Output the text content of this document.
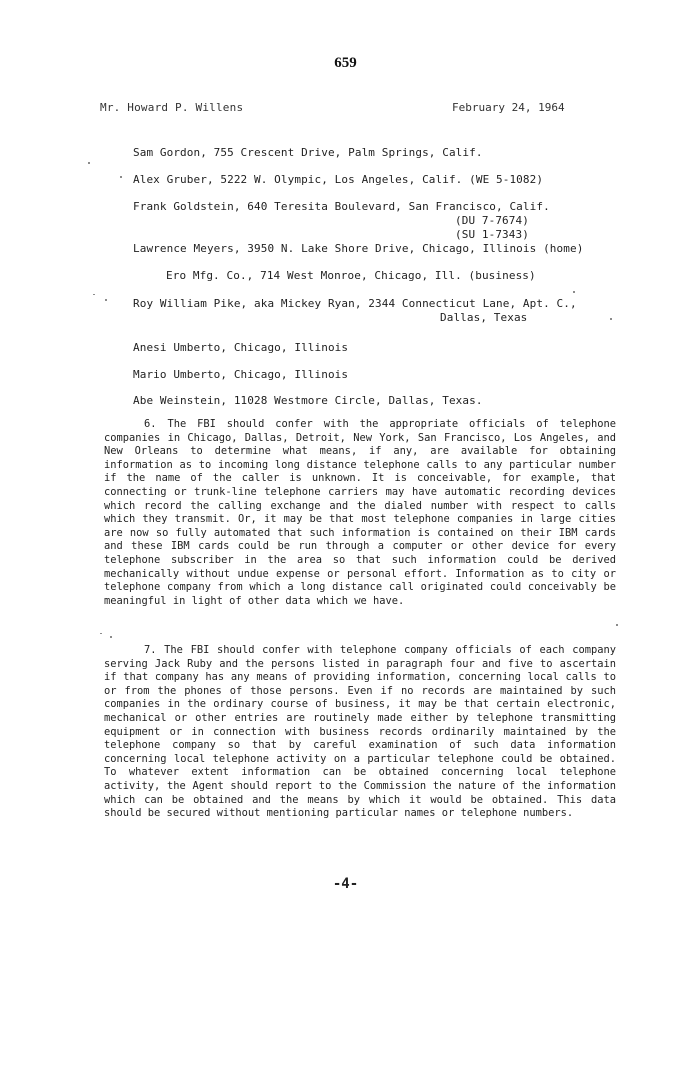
659
Mr. Howard P. Willens	February 24, 1964
Sam Gordon, 755 Crescent Drive, Palm Springs, Calif.
Alex Gruber, 5222 W. Olympic, Los Angeles, Calif. (WE 5-1082)
Frank Goldstein, 640 Teresita Boulevard, San Francisco, Calif.
(DU 7-7674)
(SU 1-7343)
Lawrence Meyers, 3950 N. Lake Shore Drive, Chicago, Illinois (home)
Ero Mfg. Co., 714 West Monroe, Chicago, Ill. (business)
Roy William Pike, aka Mickey Ryan, 2344 Connecticut Lane, Apt. C.,
Dallas, Texas
Anesi Umberto, Chicago, Illinois
Mario Umberto, Chicago, Illinois
Abe Weinstein, 11028 Westmore Circle, Dallas, Texas.
6. The FBI should confer with the appropriate officials of telephone companies in Chicago, Dallas, Detroit, New York, San Francisco, Los Angeles, and New Orleans to determine what means, if any, are available for obtaining information as to incoming long distance telephone calls to any particular number if the name of the caller is unknown. It is conceivable, for example, that connecting or trunk-line telephone carriers may have automatic recording devices which record the calling exchange and the dialed number with respect to calls which they transmit. Or, it may be that most telephone companies in large cities are now so fully automated that such information is contained on their IBM cards and these IBM cards could be run through a computer or other device for every telephone subscriber in the area so that such information could be derived mechanically without undue expense or personal effort. Information as to city or telephone company from which a long distance call originated could conceivably be meaningful in light of other data which we have.
7. The FBI should confer with telephone company officials of each company serving Jack Ruby and the persons listed in paragraph four and five to ascertain if that company has any means of providing information, concerning local calls to or from the phones of those persons. Even if no records are maintained by such companies in the ordinary course of business, it may be that certain electronic, mechanical or other entries are routinely made either by telephone transmitting equipment or in connection with business records ordinarily maintained by the telephone company so that by careful examination of such data information concerning local telephone activity on a particular telephone could be obtained. To whatever extent information can be obtained concerning local telephone activity, the Agent should report to the Commission the nature of the information which can be obtained and the means by which it would be obtained. This data should be secured without mentioning particular names or telephone numbers.
-4-
